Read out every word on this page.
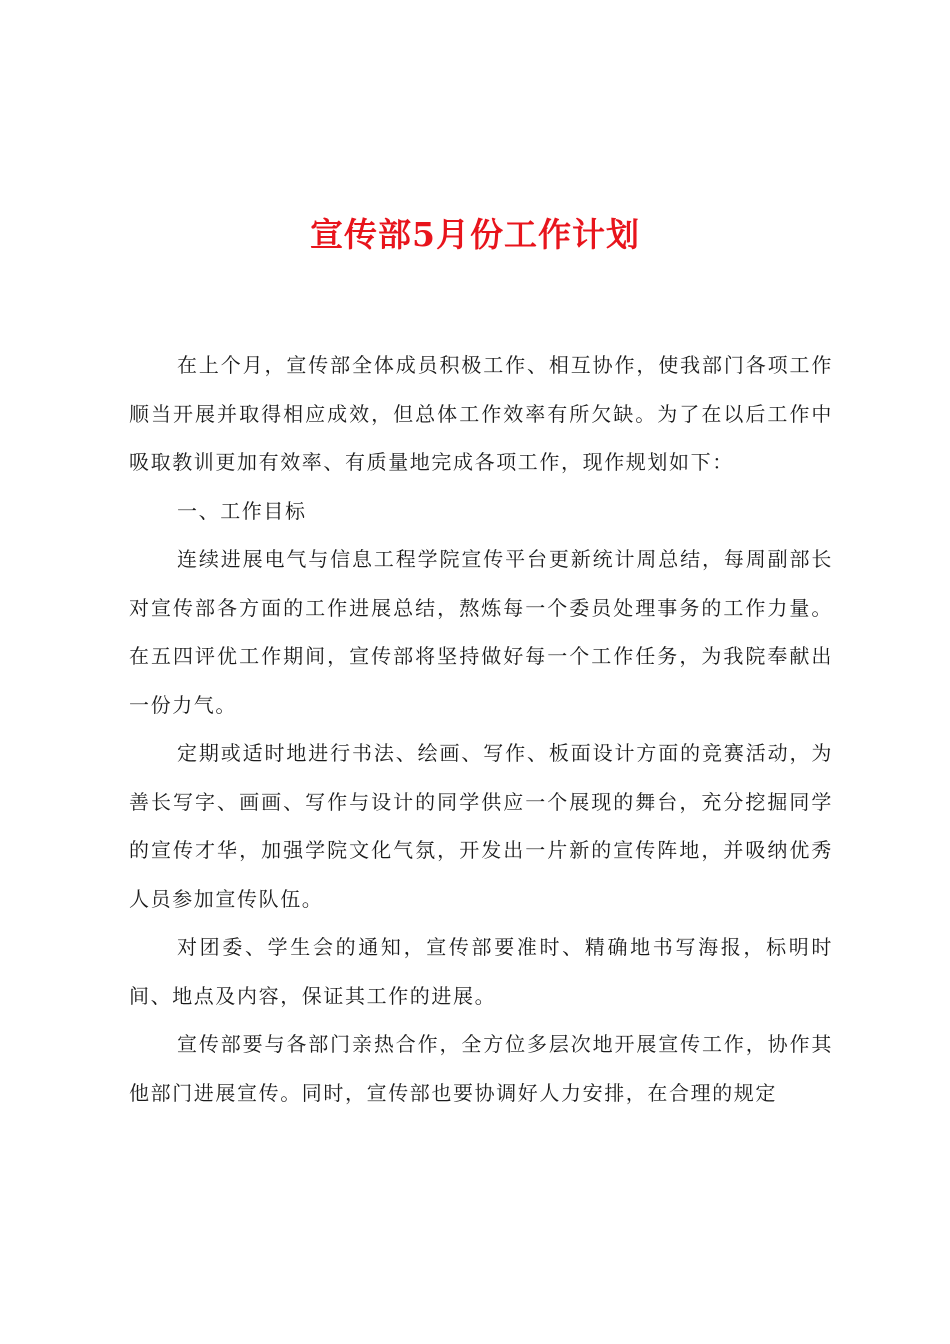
宣传部5月份工作计划

在上个月，宣传部全体成员积极工作、相互协作，使我部门各项工作顺当开展并取得相应成效，但总体工作效率有所欠缺。为了在以后工作中吸取教训更加有效率、有质量地完成各项工作，现作规划如下：

一、工作目标

连续进展电气与信息工程学院宣传平台更新统计周总结，每周副部长对宣传部各方面的工作进展总结，熬炼每一个委员处理事务的工作力量。在五四评优工作期间，宣传部将坚持做好每一个工作任务，为我院奉献出一份力气。

定期或适时地进行书法、绘画、写作、板面设计方面的竞赛活动，为善长写字、画画、写作与设计的同学供应一个展现的舞台，充分挖掘同学的宣传才华，加强学院文化气氛，开发出一片新的宣传阵地，并吸纳优秀人员参加宣传队伍。

对团委、学生会的通知，宣传部要准时、精确地书写海报，标明时间、地点及内容，保证其工作的进展。

宣传部要与各部门亲热合作，全方位多层次地开展宣传工作，协作其他部门进展宣传。同时，宣传部也要协调好人力安排，在合理的规定
